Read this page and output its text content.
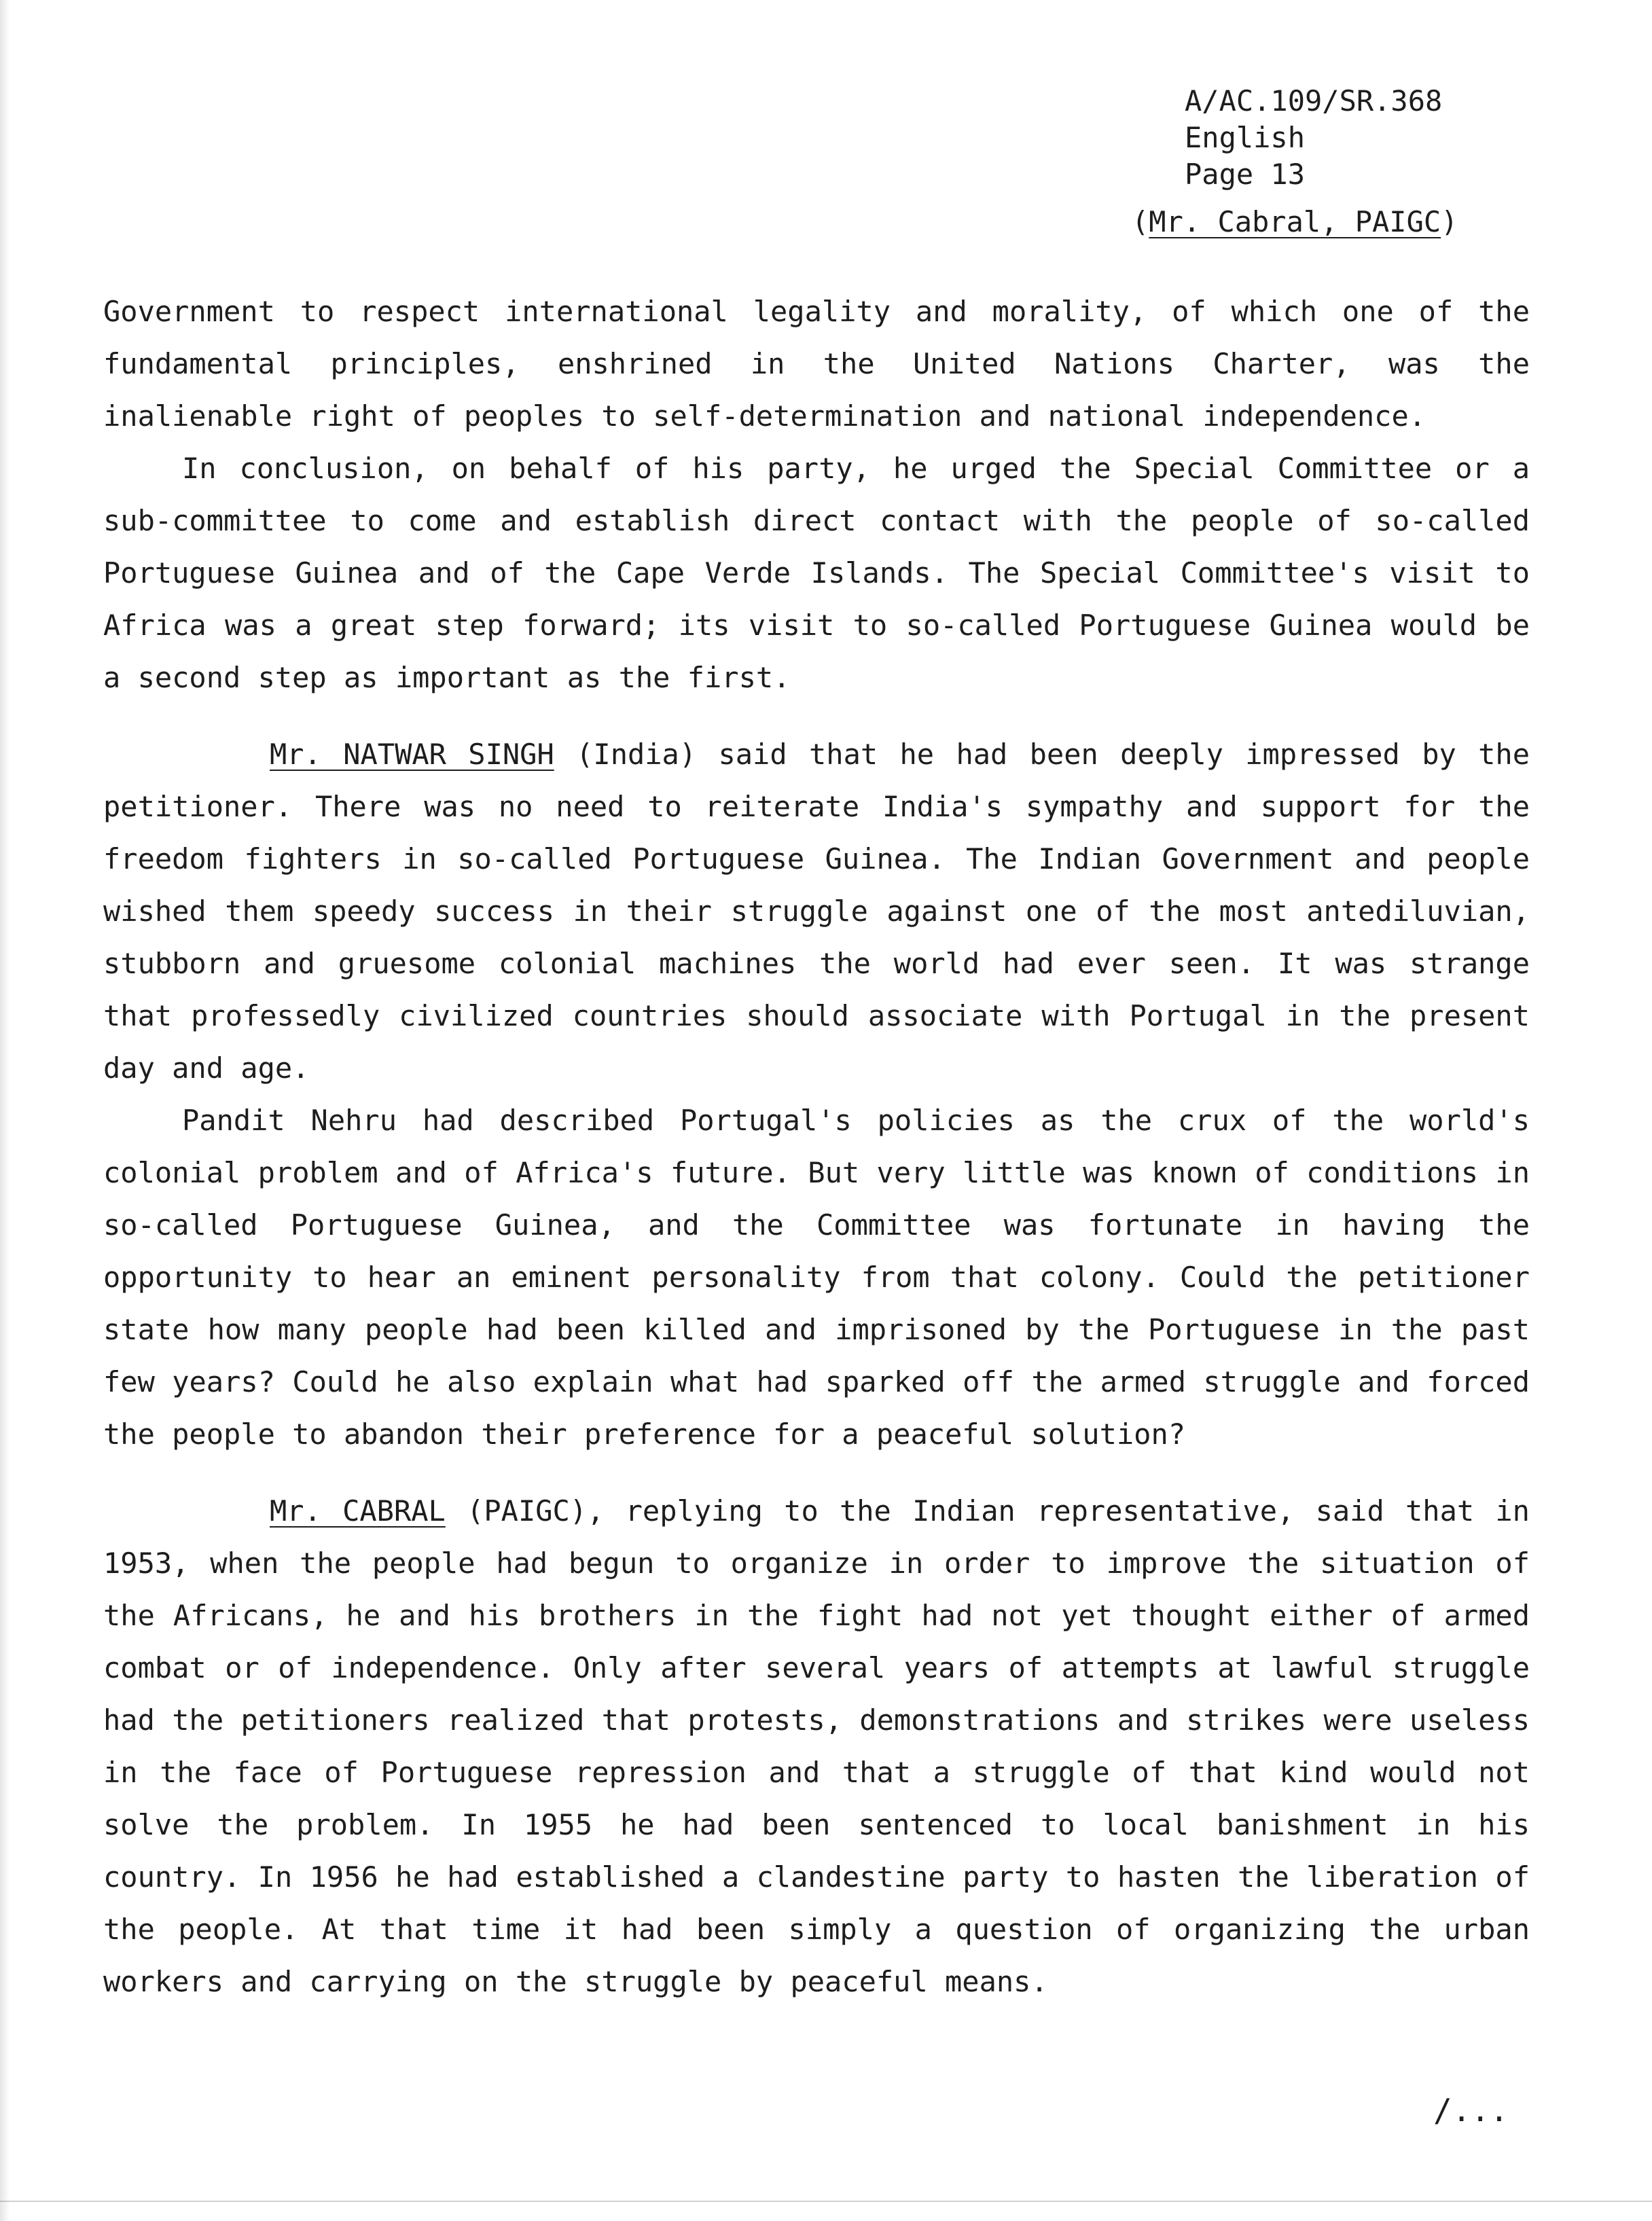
A/AC.109/SR.368
English
Page 13
(Mr. Cabral, PAIGC)

Government to respect international legality and morality, of which one of the fundamental principles, enshrined in the United Nations Charter, was the inalienable right of peoples to self-determination and national independence.

In conclusion, on behalf of his party, he urged the Special Committee or a sub-committee to come and establish direct contact with the people of so-called Portuguese Guinea and of the Cape Verde Islands. The Special Committee's visit to Africa was a great step forward; its visit to so-called Portuguese Guinea would be a second step as important as the first.

Mr. NATWAR SINGH (India) said that he had been deeply impressed by the petitioner. There was no need to reiterate India's sympathy and support for the freedom fighters in so-called Portuguese Guinea. The Indian Government and people wished them speedy success in their struggle against one of the most antediluvian, stubborn and gruesome colonial machines the world had ever seen. It was strange that professedly civilized countries should associate with Portugal in the present day and age.

Pandit Nehru had described Portugal's policies as the crux of the world's colonial problem and of Africa's future. But very little was known of conditions in so-called Portuguese Guinea, and the Committee was fortunate in having the opportunity to hear an eminent personality from that colony. Could the petitioner state how many people had been killed and imprisoned by the Portuguese in the past few years? Could he also explain what had sparked off the armed struggle and forced the people to abandon their preference for a peaceful solution?

Mr. CABRAL (PAIGC), replying to the Indian representative, said that in 1953, when the people had begun to organize in order to improve the situation of the Africans, he and his brothers in the fight had not yet thought either of armed combat or of independence. Only after several years of attempts at lawful struggle had the petitioners realized that protests, demonstrations and strikes were useless in the face of Portuguese repression and that a struggle of that kind would not solve the problem. In 1955 he had been sentenced to local banishment in his country. In 1956 he had established a clandestine party to hasten the liberation of the people. At that time it had been simply a question of organizing the urban workers and carrying on the struggle by peaceful means.

/...
